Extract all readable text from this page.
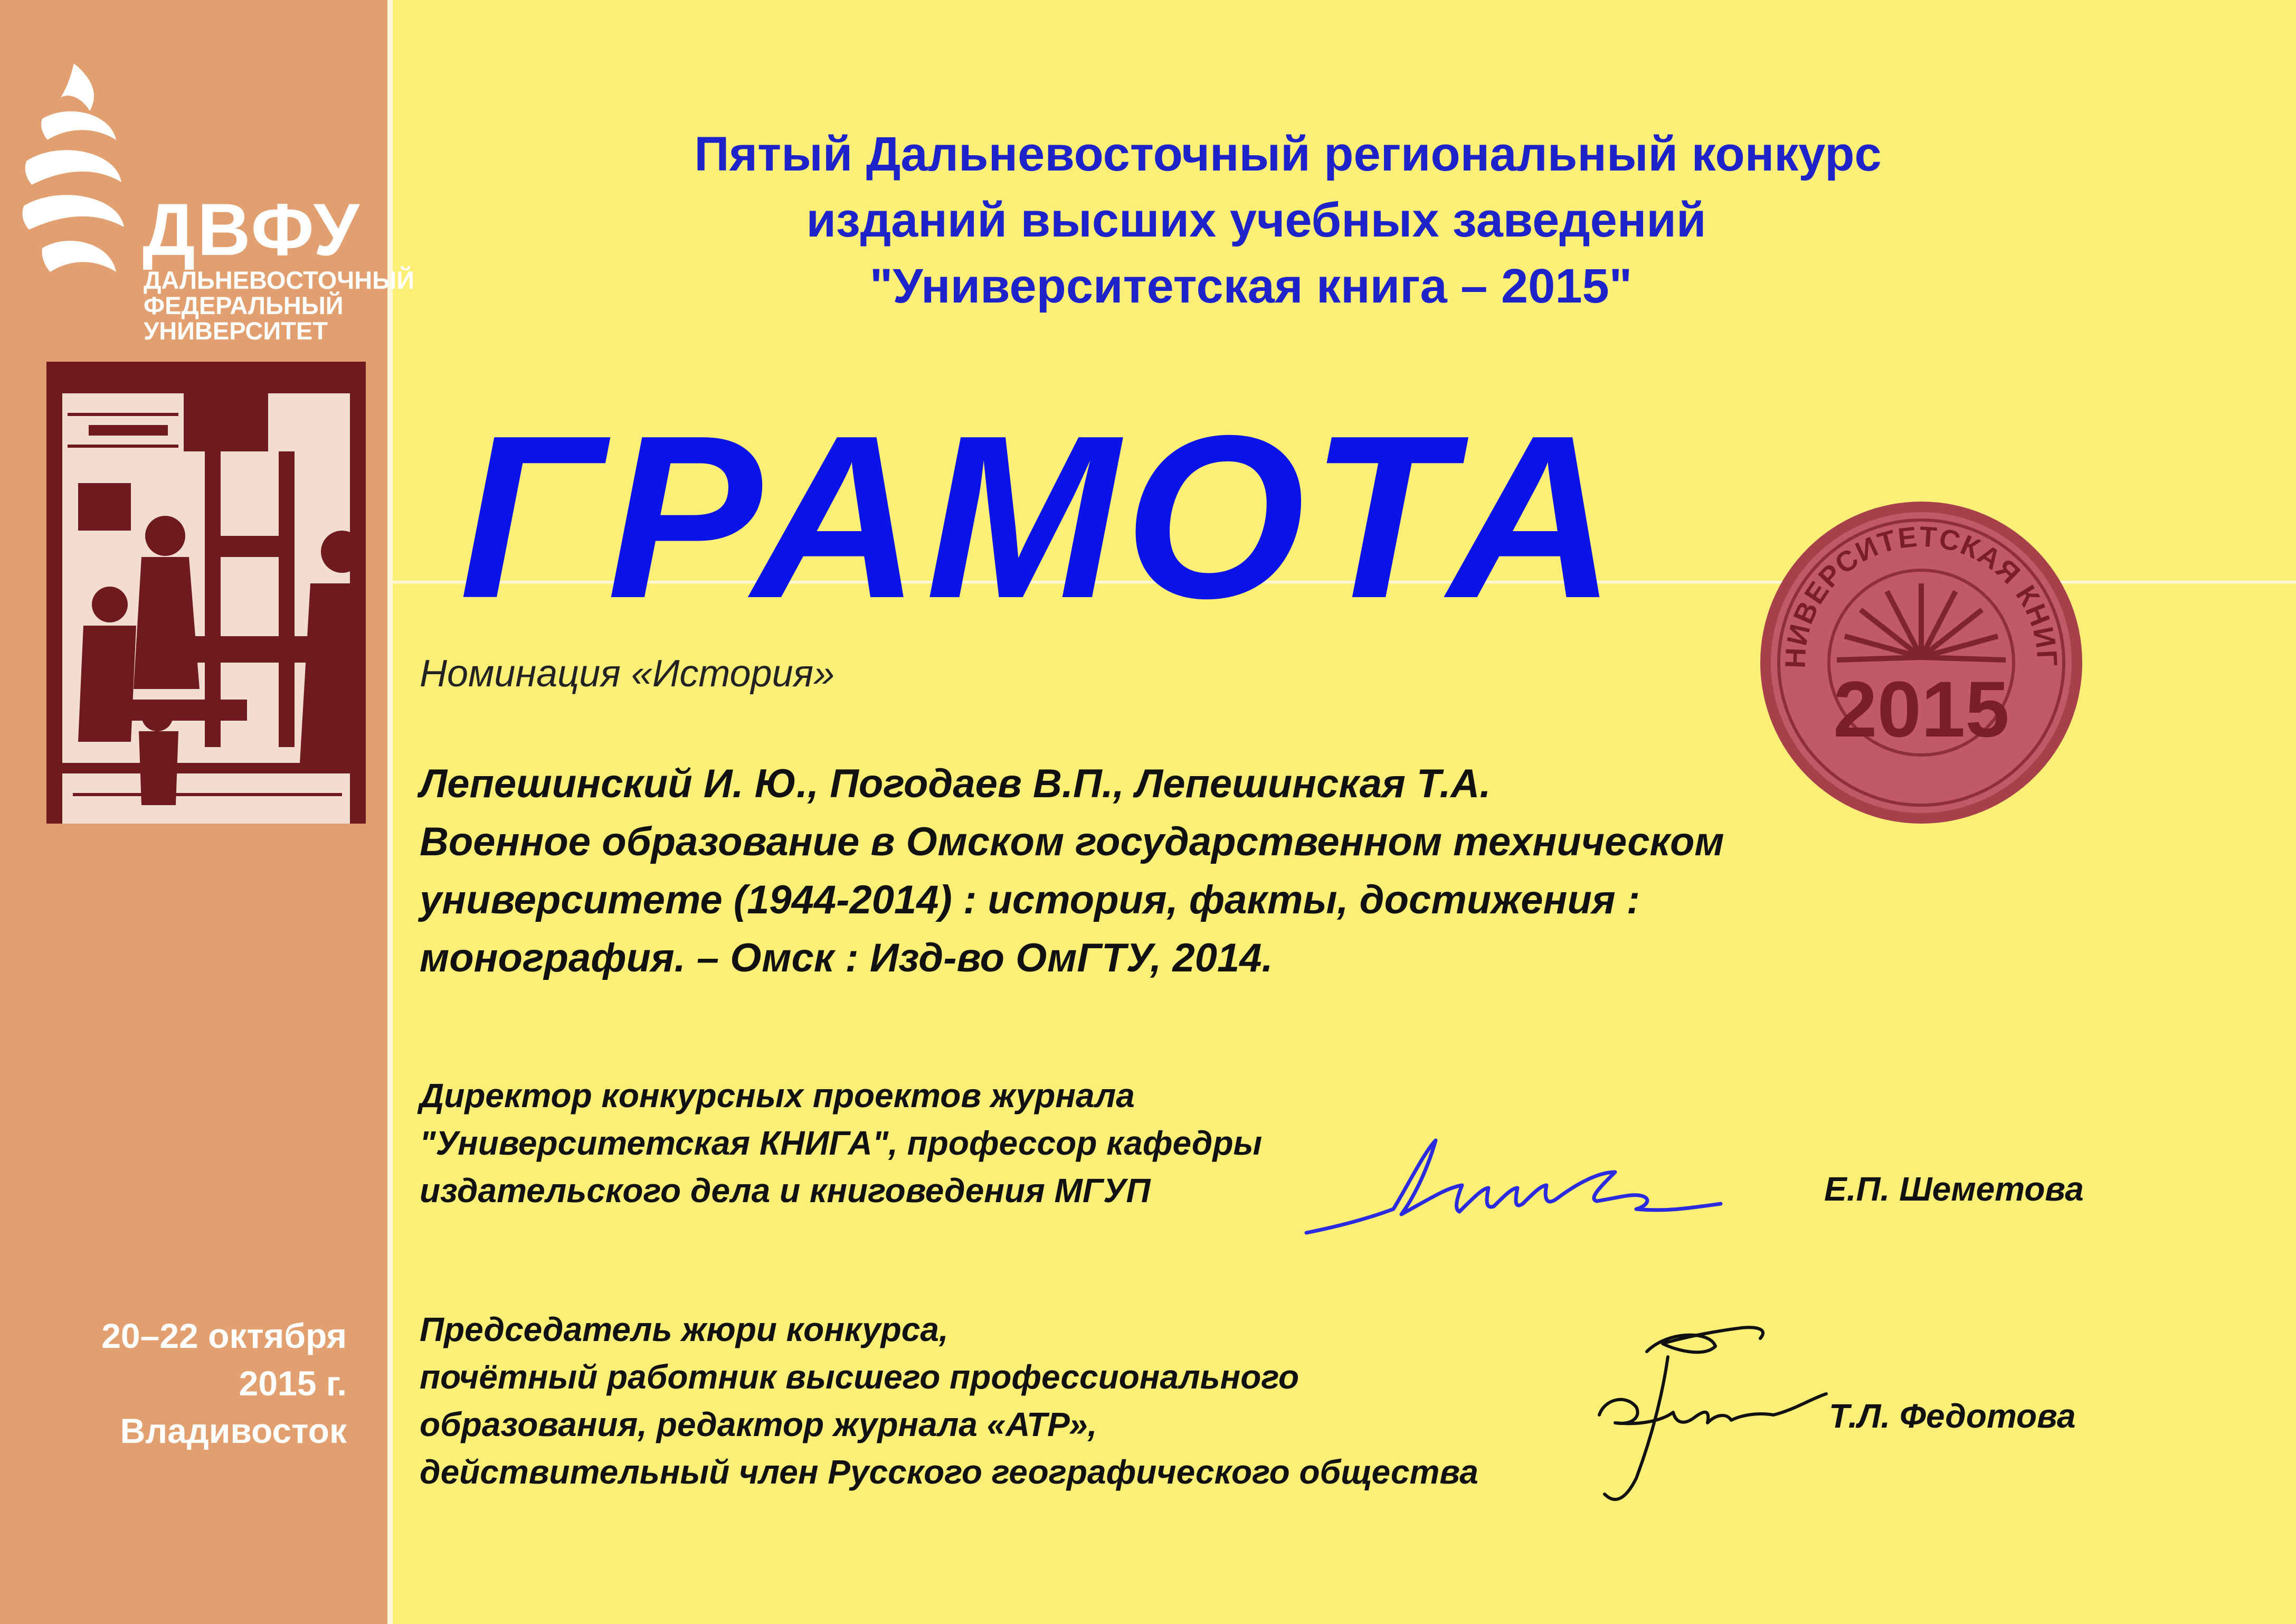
ДВФУ
ДАЛЬНЕВОСТОЧНЫЙ
ФЕДЕРАЛЬНЫЙ
УНИВЕРСИТЕТ
20–22 октября
2015 г.
Владивосток
Пятый Дальневосточный региональный конкурс
изданий высших учебных заведений
"Университетская книга – 2015"
ГРАМОТА
НИВЕРСИТЕТСКАЯ КНИГ
2015
Номинация «История»
Лепешинский И. Ю., Погодаев В.П., Лепешинская Т.А.
Военное образование в Омском государственном техническом
университете (1944-2014) : история, факты, достижения :
монография. – Омск : Изд-во ОмГТУ, 2014.
Директор конкурсных проектов журнала
"Университетская КНИГА", профессор кафедры
издательского дела и книговедения МГУП	Е.П. Шеметова
Председатель жюри конкурса,
почётный работник высшего профессионального
образования, редактор журнала «АТР»,
действительный член Русского географического общества
Т.Л. Федотова
